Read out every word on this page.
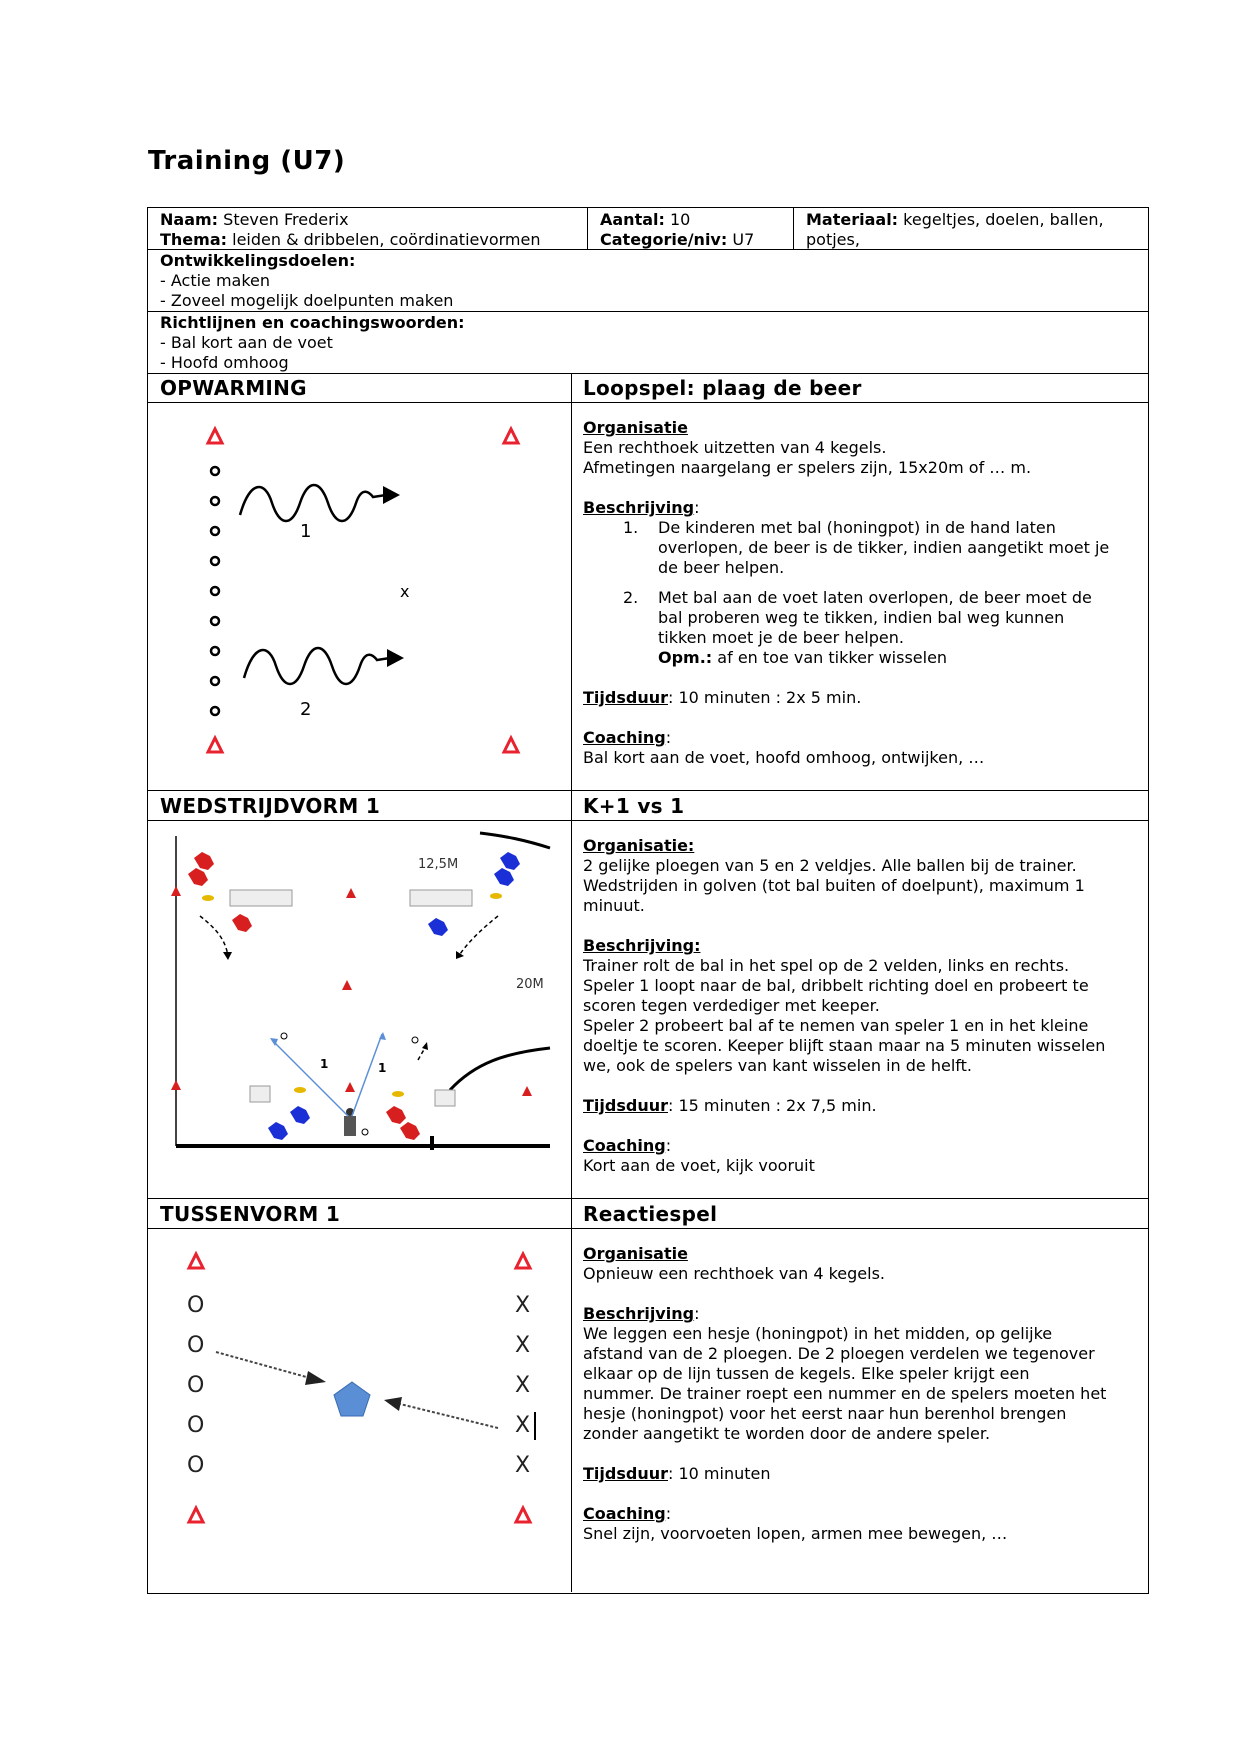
Training (U7)
Naam: Steven Frederix
Thema: leiden & dribbelen, coördinatievormen
Aantal: 10
Categorie/niv: U7
Materiaal: kegeltjes, doelen, ballen,
potjes,
Ontwikkelingsdoelen:
- Actie maken
- Zoveel mogelijk doelpunten maken
Richtlijnen en coachingswoorden:
- Bal kort aan de voet
- Hoofd omhoog
OPWARMING	Loopspel: plaag de beer

Organisatie

Een rechthoek uitzetten van 4 kegels.

Afmetingen naargelang er spelers zijn, 15x20m of … m.

Beschrijving:

1. De kinderen met bal (honingpot) in de hand laten

overlopen, de beer is de tikker, indien aangetikt moet je

de beer helpen.

2. Met bal aan de voet laten overlopen, de beer moet de

bal proberen weg te tikken, indien bal weg kunnen

tikken moet je de beer helpen.

Opm.: af en toe van tikker wisselen

Tijdsduur: 10 minuten : 2x 5 min.

Coaching:

Bal kort aan de voet, hoofd omhoog, ontwijken, …

1
2
x
WEDSTRIJDVORM 1	K+1 vs 1

Organisatie:

2 gelijke ploegen van 5 en 2 veldjes. Alle ballen bij de trainer.

Wedstrijden in golven (tot bal buiten of doelpunt), maximum 1

minuut.

Beschrijving:

Trainer rolt de bal in het spel op de 2 velden, links en rechts.

Speler 1 loopt naar de bal, dribbelt richting doel en probeert te

scoren tegen verdediger met keeper.

Speler 2 probeert bal af te nemen van speler 1 en in het kleine

doeltje te scoren. Keeper blijft staan maar na 5 minuten wisselen

we, ook de spelers van kant wisselen in de helft.

Tijdsduur: 15 minuten : 2x 7,5 min.

Coaching:

Kort aan de voet, kijk vooruit

12,5M
20M
1	1
TUSSENVORM 1	Reactiespel

Organisatie

Opnieuw een rechthoek van 4 kegels.

Beschrijving:

We leggen een hesje (honingpot) in het midden, op gelijke

afstand van de 2 ploegen. De 2 ploegen verdelen we tegenover

elkaar op de lijn tussen de kegels. Elke speler krijgt een

nummer. De trainer roept een nummer en de spelers moeten het

hesje (honingpot) voor het eerst naar hun berenhol brengen

zonder aangetikt te worden door de andere speler.

Tijdsduur: 10 minuten

Coaching:

Snel zijn, voorvoeten lopen, armen mee bewegen, …

O
O
O
O
O
X
X
X
X
X
